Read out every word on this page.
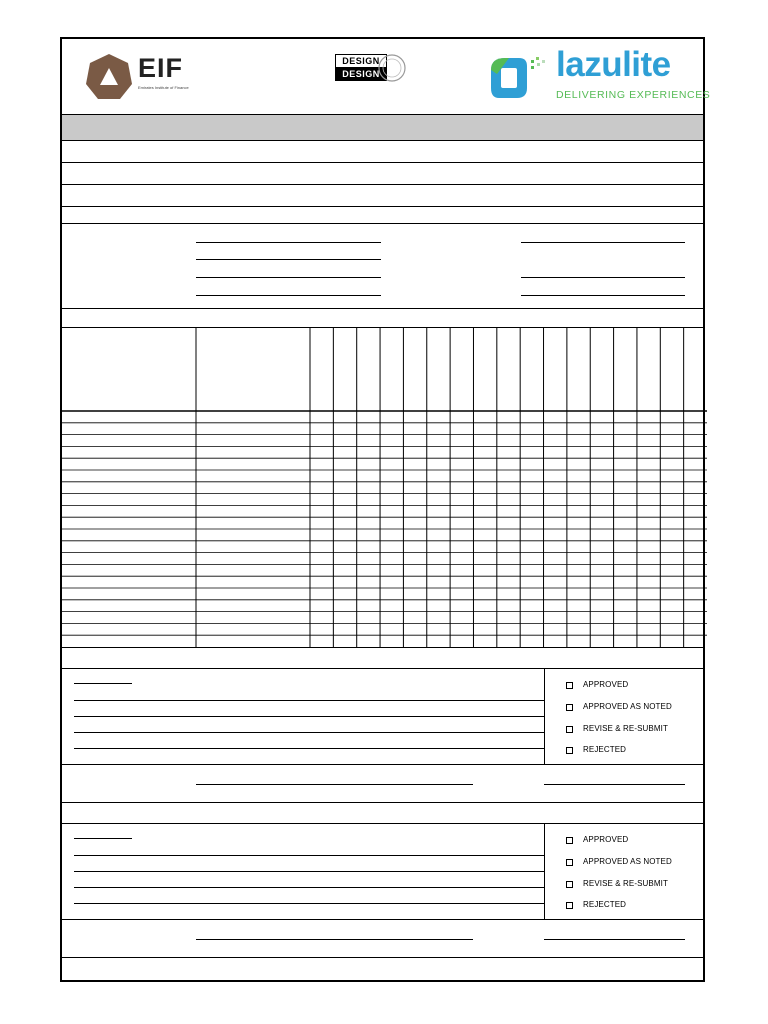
EIF
Emirates Institute of Finance
DESIGN
DESIGN	lazulite
DELIVERING EXPERIENCES
APPROVED
APPROVED AS NOTED
REVISE & RE-SUBMIT
REJECTED
APPROVED
APPROVED AS NOTED
REVISE & RE-SUBMIT
REJECTED
